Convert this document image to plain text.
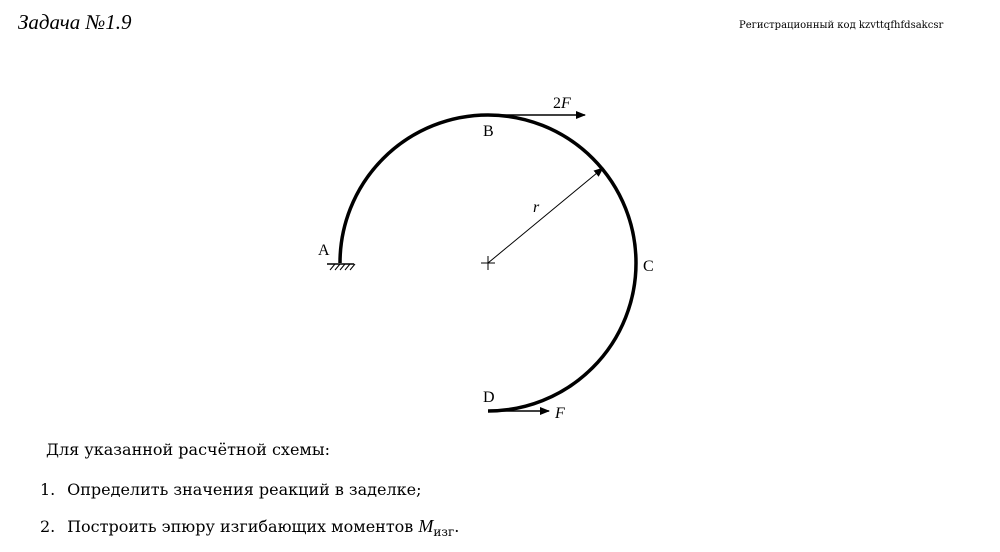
Задача №1.9	Регистрационный код kzvttqfhfdsakcsr
r
2F
F
A
B
C
D
Для указанной расчётной схемы:
1. Определить значения реакций в заделке;
2. Построить эпюру изгибающих моментов $M_{изг}$.
